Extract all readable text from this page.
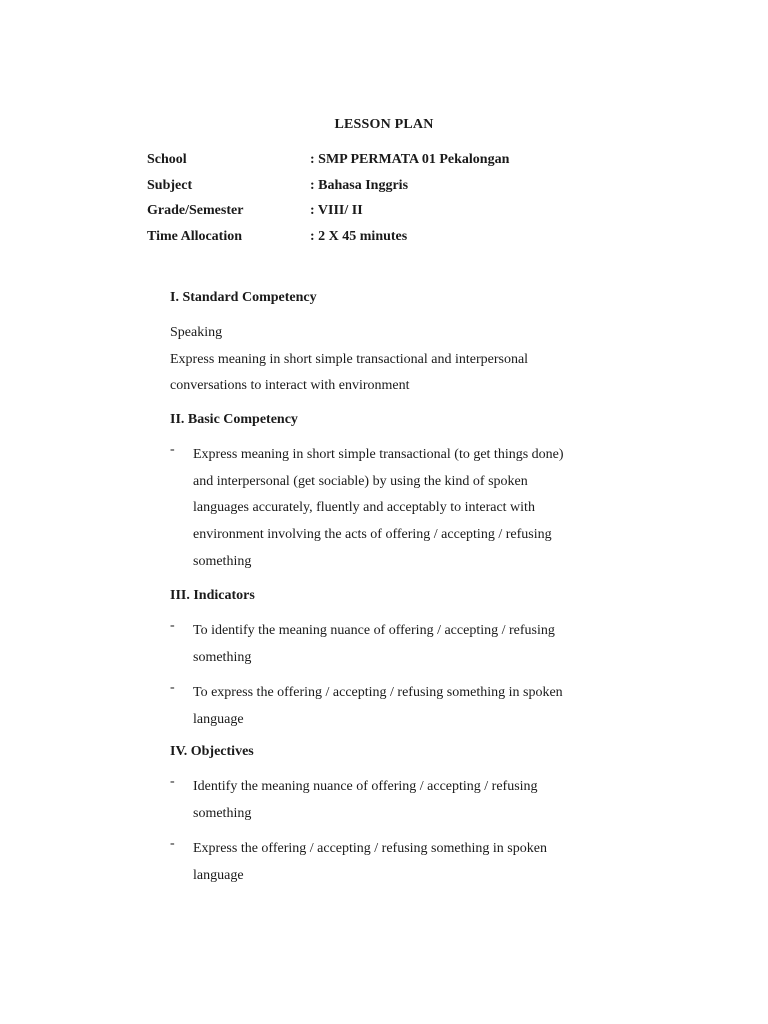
LESSON PLAN
School	: SMP PERMATA 01 Pekalongan
Subject	: Bahasa Inggris
Grade/Semester	: VIII/ II
Time Allocation	: 2 X 45 minutes
I. Standard Competency
Speaking
Express meaning in short simple transactional and interpersonal
conversations to interact with environment
II. Basic Competency
- Express meaning in short simple transactional (to get things done)
and interpersonal (get sociable) by using the kind of spoken
languages accurately, fluently and acceptably to interact with
environment involving the acts of offering / accepting / refusing
something
III. Indicators
- To identify the meaning nuance of offering / accepting / refusing
something
- To express the offering / accepting / refusing something in spoken
language
IV. Objectives
- Identify the meaning nuance of offering / accepting / refusing
something
- Express the offering / accepting / refusing something in spoken
language
